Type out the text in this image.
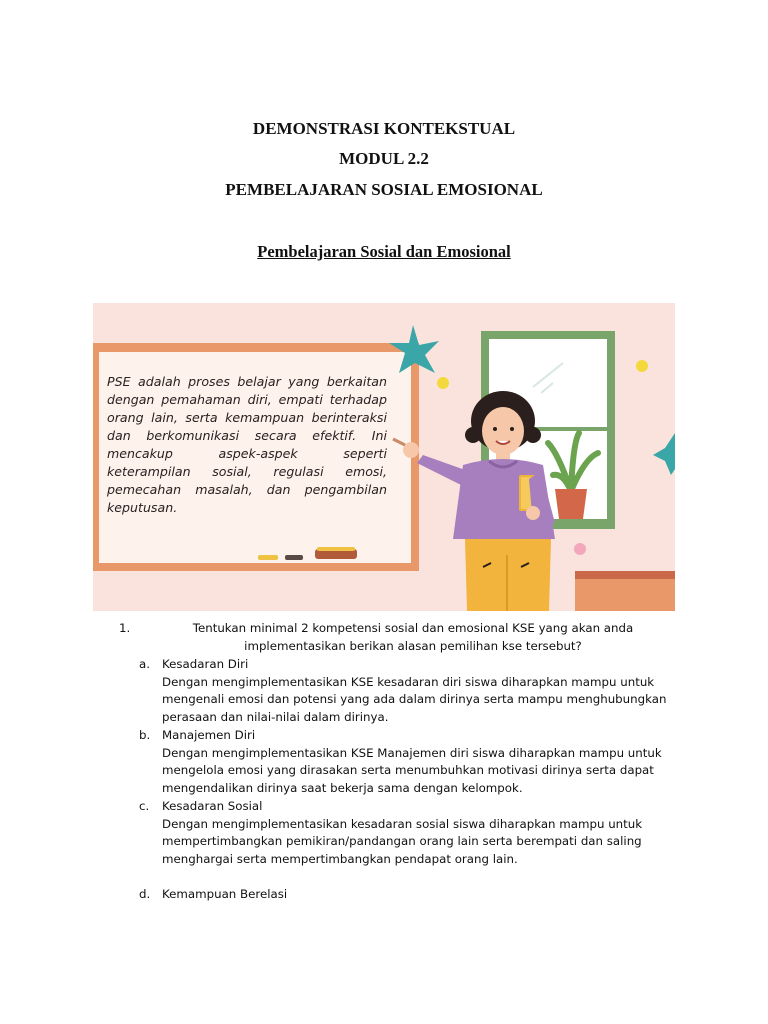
DEMONSTRASI KONTEKSTUAL
MODUL 2.2
PEMBELAJARAN SOSIAL EMOSIONAL
Pembelajaran Sosial dan Emosional
PSE adalah proses belajar yang berkaitan dengan pemahaman diri, empati terhadap orang lain, serta kemampuan berinteraksi dan berkomunikasi secara efektif. Ini mencakup aspek-aspek seperti keterampilan sosial, regulasi emosi, pemecahan masalah, dan pengambilan keputusan.
1.	Tentukan minimal 2 kompetensi sosial dan emosional KSE yang akan anda implementasikan berikan alasan pemilihan kse tersebut?
a. Kesadaran Diri
Dengan mengimplementasikan KSE kesadaran diri siswa diharapkan mampu untuk
mengenali emosi dan potensi yang ada dalam dirinya serta mampu menghubungkan
perasaan dan nilai-nilai dalam dirinya.
b. Manajemen Diri
Dengan mengimplementasikan KSE Manajemen diri siswa diharapkan mampu untuk
mengelola emosi yang dirasakan serta menumbuhkan motivasi dirinya serta dapat
mengendalikan dirinya saat bekerja sama dengan kelompok.
c. Kesadaran Sosial
Dengan mengimplementasikan kesadaran sosial siswa diharapkan mampu untuk
mempertimbangkan pemikiran/pandangan orang lain serta berempati dan saling
menghargai serta mempertimbangkan pendapat orang lain.
d. Kemampuan Berelasi
